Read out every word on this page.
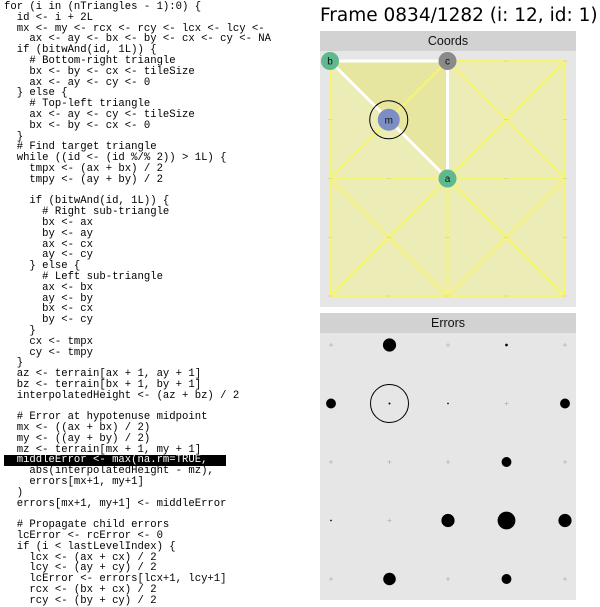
for (i in (nTriangles - 1):0) {
id <- i + 2L
mx <- my <- rcx <- rcy <- lcx <- lcy <-
ax <- ay <- bx <- by <- cx <- cy <- NA
if (bitwAnd(id, 1L)) {
# Bottom-right triangle
bx <- by <- cx <- tileSize
ax <- ay <- cy <- 0
} else {
# Top-left triangle
ax <- ay <- cy <- tileSize
bx <- by <- cx <- 0
}
# Find target triangle
while ((id <- (id %/% 2)) > 1L) {
tmpx <- (ax + bx) / 2
tmpy <- (ay + by) / 2
if (bitwAnd(id, 1L)) {
# Right sub-triangle
bx <- ax
by <- ay
ax <- cx
ay <- cy
} else {
# Left sub-triangle
ax <- bx
ay <- by
bx <- cx
by <- cy
}
cx <- tmpx
cy <- tmpy
}
az <- terrain[ax + 1, ay + 1]
bz <- terrain[bx + 1, by + 1]
interpolatedHeight <- (az + bz) / 2
# Error at hypotenuse midpoint
mx <- ((ax + bx) / 2)
my <- ((ay + by) / 2)
mz <- terrain[mx + 1, my + 1]
middleError <- max(na.rm=TRUE,
abs(interpolatedHeight - mz),
errors[mx+1, my+1]
)
errors[mx+1, my+1] <- middleError
# Propagate child errors
lcError <- rcError <- 0
if (i < lastLevelIndex) {
lcx <- (ax + cx) / 2
lcy <- (ay + cy) / 2
lcError <- errors[lcx+1, lcy+1]
rcx <- (bx + cx) / 2
rcy <- (by + cy) / 2
Frame 0834/1282 (i: 12, id: 1)
Coords
b	c
a
m
Errors
